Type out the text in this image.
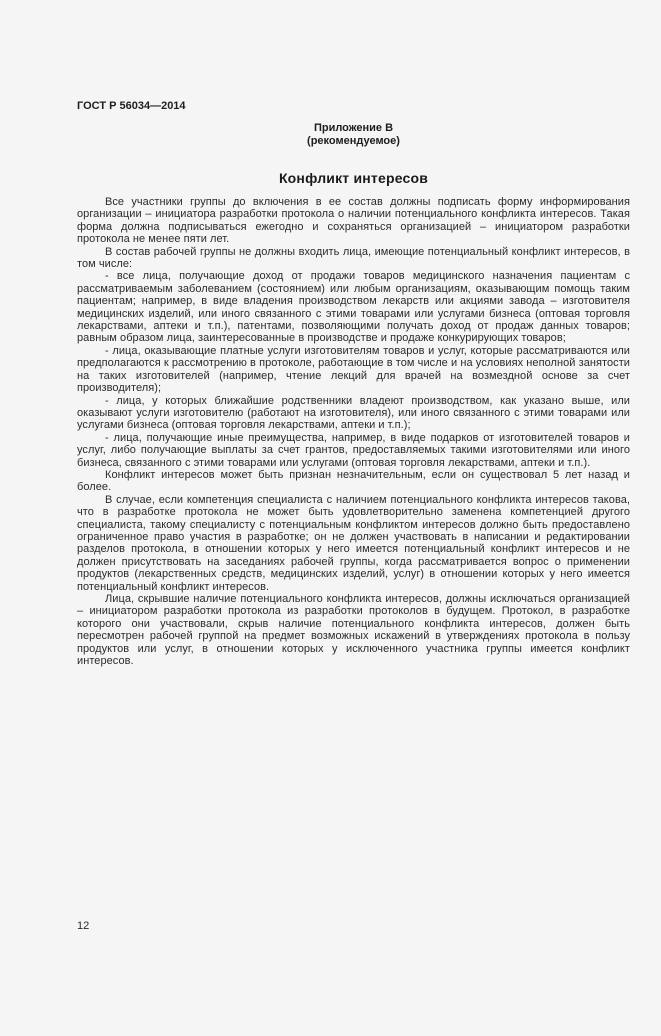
ГОСТ Р 56034—2014
Приложение В
(рекомендуемое)
Конфликт интересов

Все участники группы до включения в ее состав должны подписать форму информирования организации – инициатора разработки протокола о наличии потенциального конфликта интересов. Такая форма должна подписываться ежегодно и сохраняться организацией – инициатором разработки протокола не менее пяти лет.

В состав рабочей группы не должны входить лица, имеющие потенциальный конфликт интересов, в том числе:

- все лица, получающие доход от продажи товаров медицинского назначения пациентам с рассматриваемым заболеванием (состоянием) или любым организациям, оказывающим помощь таким пациентам; например, в виде владения производством лекарств или акциями завода – изготовителя медицинских изделий, или иного связанного с этими товарами или услугами бизнеса (оптовая торговля лекарствами, аптеки и т.п.), патентами, позволяющими получать доход от продаж данных товаров; равным образом лица, заинтересованные в производстве и продаже конкурирующих товаров;

- лица, оказывающие платные услуги изготовителям товаров и услуг, которые рассматриваются или предполагаются к рассмотрению в протоколе, работающие в том числе и на условиях неполной занятости на таких изготовителей (например, чтение лекций для врачей на возмездной основе за счет производителя);

- лица, у которых ближайшие родственники владеют производством, как указано выше, или оказывают услуги изготовителю (работают на изготовителя), или иного связанного с этими товарами или услугами бизнеса (оптовая торговля лекарствами, аптеки и т.п.);

- лица, получающие иные преимущества, например, в виде подарков от изготовителей товаров и услуг, либо получающие выплаты за счет грантов, предоставляемых такими изготовителями или иного бизнеса, связанного с этими товарами или услугами (оптовая торговля лекарствами, аптеки и т.п.).

Конфликт интересов может быть признан незначительным, если он существовал 5 лет назад и более.

В случае, если компетенция специалиста с наличием потенциального конфликта интересов такова, что в разработке протокола не может быть удовлетворительно заменена компетенцией другого специалиста, такому специалисту с потенциальным конфликтом интересов должно быть предоставлено ограниченное право участия в разработке; он не должен участвовать в написании и редактировании разделов протокола, в отношении которых у него имеется потенциальный конфликт интересов и не должен присутствовать на заседаниях рабочей группы, когда рассматривается вопрос о применении продуктов (лекарственных средств, медицинских изделий, услуг) в отношении которых у него имеется потенциальный конфликт интересов.

Лица, скрывшие наличие потенциального конфликта интересов, должны исключаться организацией – инициатором разработки протокола из разработки протоколов в будущем. Протокол, в разработке которого они участвовали, скрыв наличие потенциального конфликта интересов, должен быть пересмотрен рабочей группой на предмет возможных искажений в утверждениях протокола в пользу продуктов или услуг, в отношении которых у исключенного участника группы имеется конфликт интересов.

12
